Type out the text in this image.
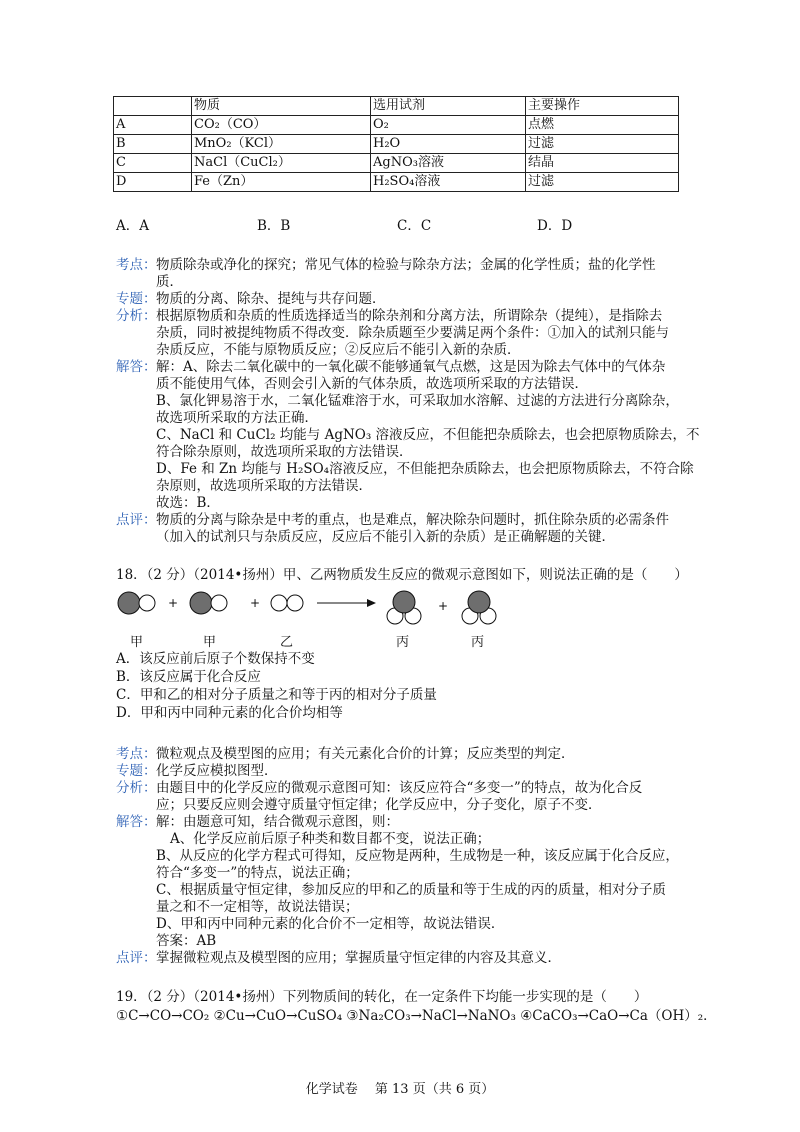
	物质	选用试剂	主要操作
A	CO₂（CO）	O₂	点燃
B	MnO₂（KCl）	H₂O	过滤
C	NaCl（CuCl₂）	AgNO₃溶液	结晶
D	Fe（Zn）	H₂SO₄溶液	过滤
A．A	B．B	C．C	D．D
考点： 物质除杂或净化的探究；常见气体的检验与除杂方法；金属的化学性质；盐的化学性
质．
专题： 物质的分离、除杂、提纯与共存问题．
分析： 根据原物质和杂质的性质选择适当的除杂剂和分离方法，所谓除杂（提纯），是指除去
杂质，同时被提纯物质不得改变．除杂质题至少要满足两个条件：①加入的试剂只能与
杂质反应，不能与原物质反应；②反应后不能引入新的杂质．
解答： 解：A、除去二氧化碳中的一氧化碳不能够通氧气点燃，这是因为除去气体中的气体杂
质不能使用气体，否则会引入新的气体杂质，故选项所采取的方法错误．
B、氯化钾易溶于水，二氧化锰难溶于水，可采取加水溶解、过滤的方法进行分离除杂，
故选项所采取的方法正确．
C、NaCl 和 CuCl₂ 均能与 AgNO₃ 溶液反应，不但能把杂质除去，也会把原物质除去，不
符合除杂原则，故选项所采取的方法错误．
D、Fe 和 Zn 均能与 H₂SO₄溶液反应，不但能把杂质除去，也会把原物质除去，不符合除
杂原则，故选项所采取的方法错误．
故选：B．
点评： 物质的分离与除杂是中考的重点，也是难点，解决除杂问题时，抓住除杂质的必需条件
（加入的试剂只与杂质反应，反应后不能引入新的杂质）是正确解题的关键．
18．（2 分）（2014•扬州）甲、乙两物质发生反应的微观示意图如下，则说法正确的是（　　）
+	+	+
甲	甲	乙	丙	丙
A．该反应前后原子个数保持不变
B．该反应属于化合反应
C．甲和乙的相对分子质量之和等于丙的相对分子质量
D．甲和丙中同种元素的化合价均相等
考点： 微粒观点及模型图的应用；有关元素化合价的计算；反应类型的判定．
专题： 化学反应模拟图型．
分析： 由题目中的化学反应的微观示意图可知：该反应符合“多变一”的特点，故为化合反
应；只要反应则会遵守质量守恒定律；化学反应中，分子变化，原子不变．
解答： 解：由题意可知，结合微观示意图，则：
A、化学反应前后原子种类和数目都不变，说法正确；
B、从反应的化学方程式可得知，反应物是两种，生成物是一种，该反应属于化合反应，
符合“多变一”的特点，说法正确；
C、根据质量守恒定律，参加反应的甲和乙的质量和等于生成的丙的质量，相对分子质
量之和不一定相等，故说法错误；
D、甲和丙中同种元素的化合价不一定相等，故说法错误．
答案：AB
点评： 掌握微粒观点及模型图的应用；掌握质量守恒定律的内容及其意义．
19．（2 分）（2014•扬州）下列物质间的转化，在一定条件下均能一步实现的是（　　）
①C→CO→CO₂ ②Cu→CuO→CuSO₄ ③Na₂CO₃→NaCl→NaNO₃ ④CaCO₃→CaO→Ca（OH）₂．
化学试卷　 第 13 页（共 6 页）
